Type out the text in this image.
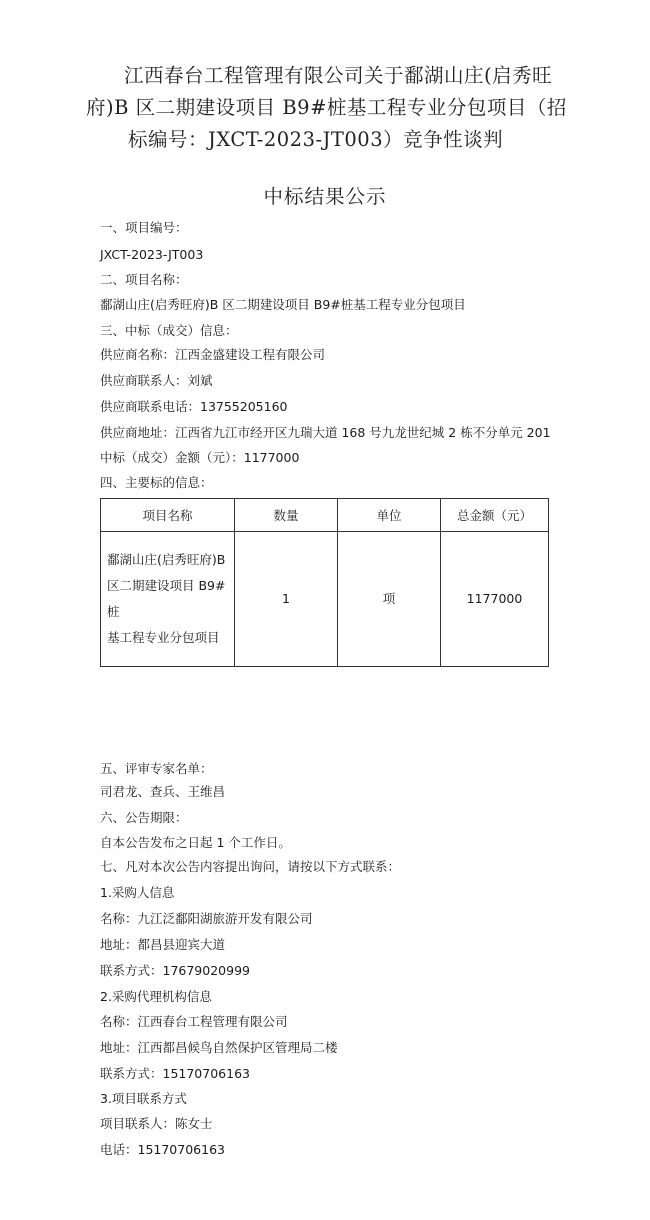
江西春台工程管理有限公司关于鄱湖山庄(启秀旺
府)B 区二期建设项目 B9#桩基工程专业分包项目（招
标编号：JXCT-2023-JT003）竞争性谈判
中标结果公示
一、项目编号：
JXCT-2023-JT003
二、项目名称：
鄱湖山庄(启秀旺府)B 区二期建设项目 B9#桩基工程专业分包项目
三、中标（成交）信息：
供应商名称：江西金盛建设工程有限公司
供应商联系人：刘斌
供应商联系电话：13755205160
供应商地址：江西省九江市经开区九瑞大道 168 号九龙世纪城 2 栋不分单元 201
中标（成交）金额（元）：1177000
四、主要标的信息：
项目名称	数量	单位	总金额（元）

鄱湖山庄(启秀旺府)B
区二期建设项目 B9#桩
基工程专业分包项目	1	项	1177000
五、评审专家名单：
司君龙、查兵、王维昌
六、公告期限：
自本公告发布之日起 1 个工作日。
七、凡对本次公告内容提出询问，请按以下方式联系：
1.采购人信息
名称：九江泛鄱阳湖旅游开发有限公司
地址：都昌县迎宾大道
联系方式：17679020999
2.采购代理机构信息
名称：江西春台工程管理有限公司
地址：江西都昌候鸟自然保护区管理局二楼
联系方式：15170706163
3.项目联系方式
项目联系人：陈女士
电话：15170706163
